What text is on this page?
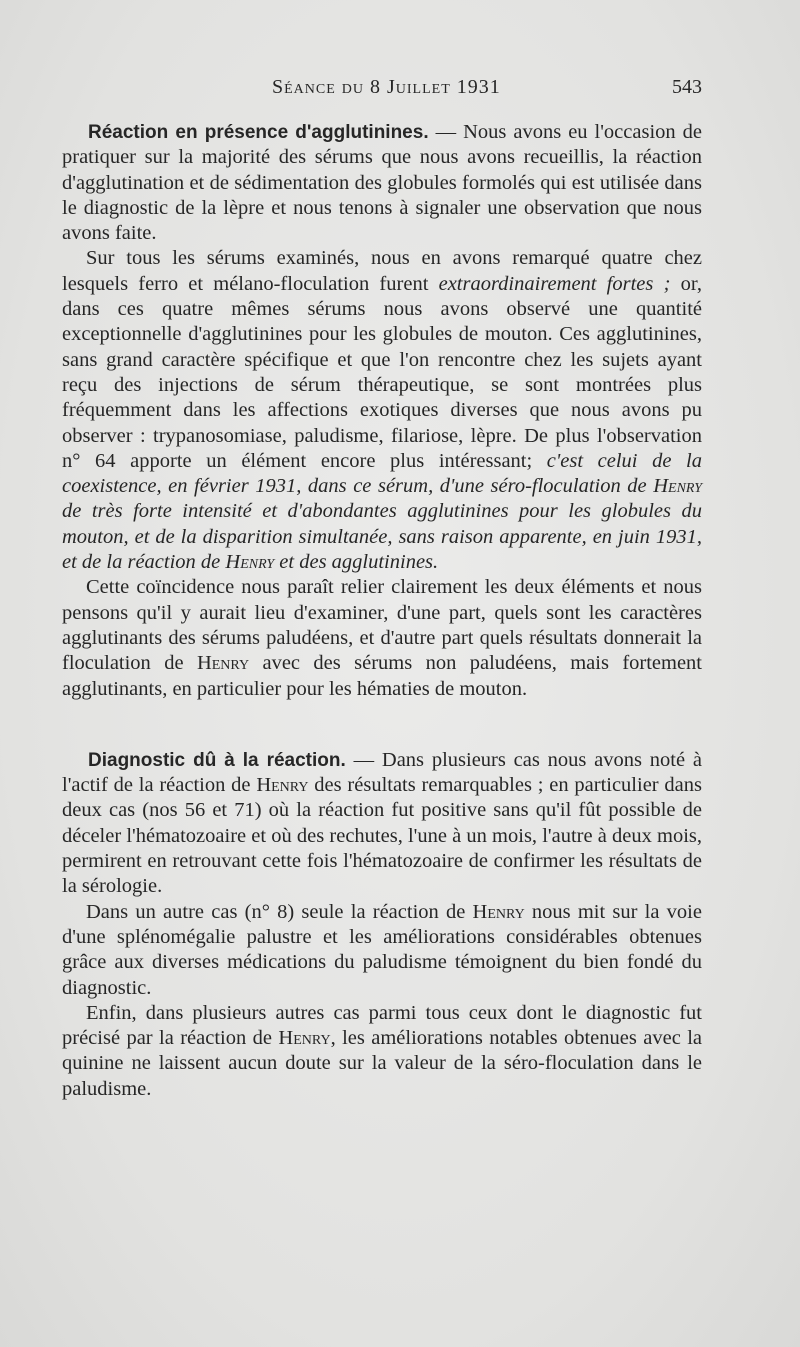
Séance du 8 Juillet 1931	543

Réaction en présence d'agglutinines. — Nous avons eu l'occasion de pratiquer sur la majorité des sérums que nous avons recueillis, la réaction d'agglutination et de sédimentation des globules formolés qui est utilisée dans le diagnostic de la lèpre et nous tenons à signaler une observation que nous avons faite.

Sur tous les sérums examinés, nous en avons remarqué quatre chez lesquels ferro et mélano-floculation furent extraordinairement fortes ; or, dans ces quatre mêmes sérums nous avons observé une quantité exceptionnelle d'agglutinines pour les globules de mouton. Ces agglutinines, sans grand caractère spécifique et que l'on rencontre chez les sujets ayant reçu des injections de sérum thérapeutique, se sont montrées plus fréquemment dans les affections exotiques diverses que nous avons pu observer : trypanosomiase, paludisme, filariose, lèpre. De plus l'observation n° 64 apporte un élément encore plus intéressant; c'est celui de la coexistence, en février 1931, dans ce sérum, d'une séro-floculation de Henry de très forte intensité et d'abondantes agglutinines pour les globules du mouton, et de la disparition simultanée, sans raison apparente, en juin 1931, et de la réaction de Henry et des agglutinines.

Cette coïncidence nous paraît relier clairement les deux éléments et nous pensons qu'il y aurait lieu d'examiner, d'une part, quels sont les caractères agglutinants des sérums paludéens, et d'autre part quels résultats donnerait la floculation de Henry avec des sérums non paludéens, mais fortement agglutinants, en particulier pour les hématies de mouton.

Diagnostic dû à la réaction. — Dans plusieurs cas nous avons noté à l'actif de la réaction de Henry des résultats remarquables ; en particulier dans deux cas (nos 56 et 71) où la réaction fut positive sans qu'il fût possible de déceler l'hématozoaire et où des rechutes, l'une à un mois, l'autre à deux mois, permirent en retrouvant cette fois l'hématozoaire de confirmer les résultats de la sérologie.

Dans un autre cas (n° 8) seule la réaction de Henry nous mit sur la voie d'une splénomégalie palustre et les améliorations considérables obtenues grâce aux diverses médications du paludisme témoignent du bien fondé du diagnostic.

Enfin, dans plusieurs autres cas parmi tous ceux dont le diagnostic fut précisé par la réaction de Henry, les améliorations notables obtenues avec la quinine ne laissent aucun doute sur la valeur de la séro-floculation dans le paludisme.
